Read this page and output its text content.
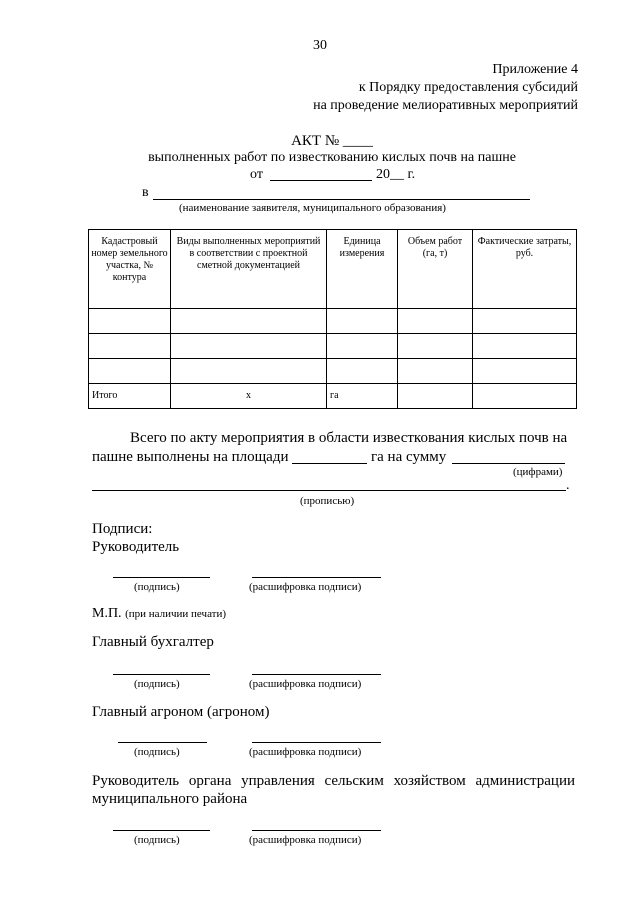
30
Приложение 4
к Порядку предоставления субсидий
на проведение мелиоративных мероприятий
АКТ № ____
выполненных работ по известкованию кислых почв на пашне
от	20__ г.
в
(наименование заявителя, муниципального образования)
Кадастровый номер земельного участка, № контура	Виды выполненных мероприятий в соответствии с проектной сметной документацией	Единица измерения	Объем работ (га, т)	Фактические затраты, руб.

Итого	х	га		
Всего по акту мероприятия в области известкования кислых почв на
пашне выполнены на площади	га на сумму
(цифрами)
.
(прописью)
Подписи:
Руководитель
(подпись)	(расшифровка подписи)
М.П. (при наличии печати)
Главный бухгалтер
(подпись)	(расшифровка подписи)
Главный агроном (агроном)
(подпись)	(расшифровка подписи)
Руководитель органа управления сельским хозяйством администрации
муниципального района
(подпись)	(расшифровка подписи)
